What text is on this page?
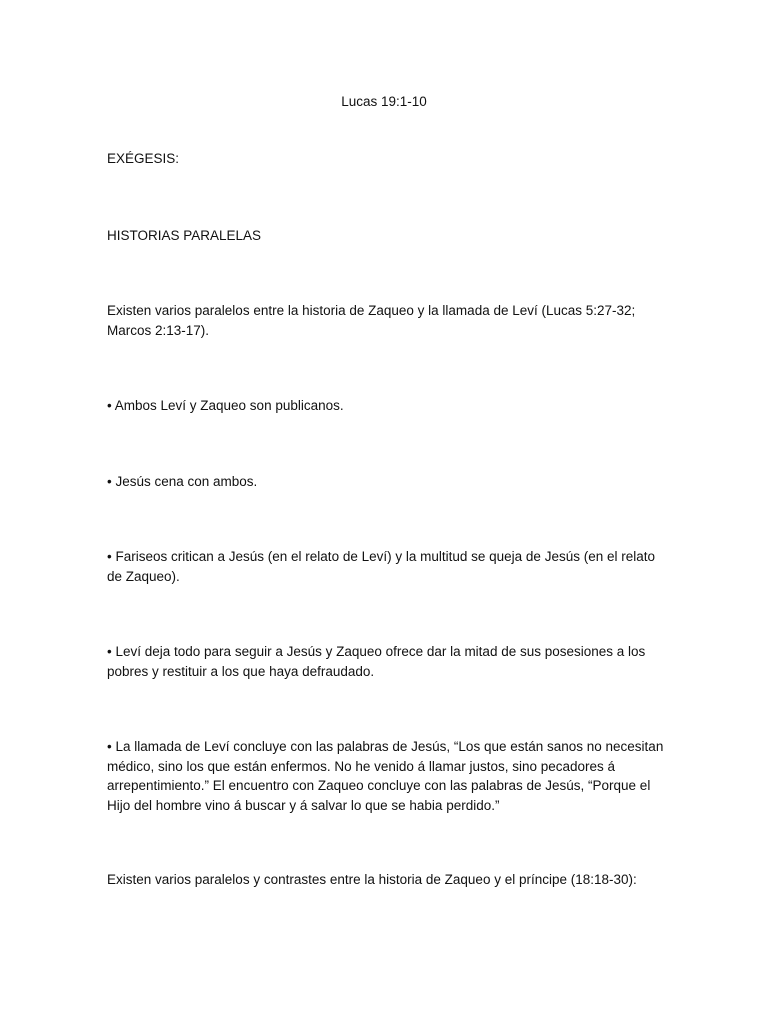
Lucas 19:1-10

EXÉGESIS:

HISTORIAS PARALELAS

Existen varios paralelos entre la historia de Zaqueo y la llamada de Leví (Lucas 5:27-32; Marcos 2:13-17).

• Ambos Leví y Zaqueo son publicanos.

• Jesús cena con ambos.

• Fariseos critican a Jesús (en el relato de Leví) y la multitud se queja de Jesús (en el relato de Zaqueo).

• Leví deja todo para seguir a Jesús y Zaqueo ofrece dar la mitad de sus posesiones a los pobres y restituir a los que haya defraudado.

• La llamada de Leví concluye con las palabras de Jesús, “Los que están sanos no necesitan médico, sino los que están enfermos. No he venido á llamar justos, sino pecadores á arrepentimiento.” El encuentro con Zaqueo concluye con las palabras de Jesús, “Porque el Hijo del hombre vino á buscar y á salvar lo que se habia perdido.”

Existen varios paralelos y contrastes entre la historia de Zaqueo y el príncipe (18:18-30):
